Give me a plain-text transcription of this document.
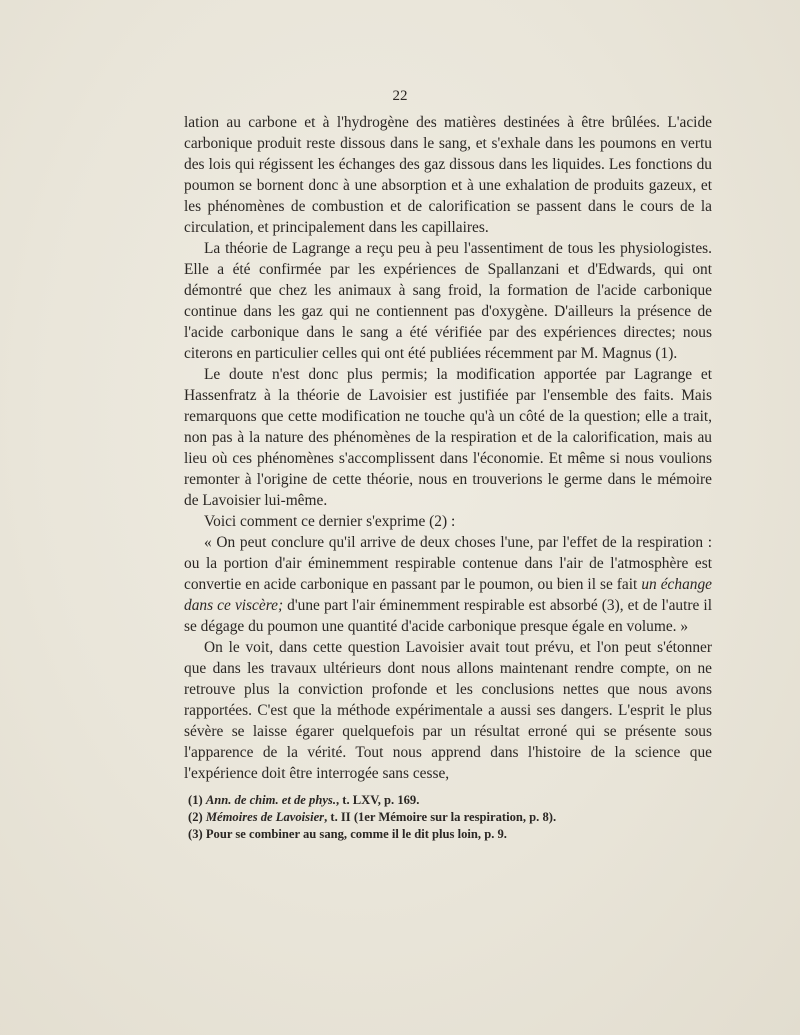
22

lation au carbone et à l'hydrogène des matières destinées à être brûlées. L'acide carbonique produit reste dissous dans le sang, et s'exhale dans les poumons en vertu des lois qui régissent les échanges des gaz dissous dans les liquides. Les fonctions du poumon se bornent donc à une absorption et à une exhalation de produits gazeux, et les phénomènes de combustion et de calorification se passent dans le cours de la circulation, et principalement dans les capillaires.

La théorie de Lagrange a reçu peu à peu l'assentiment de tous les physiologistes. Elle a été confirmée par les expériences de Spallanzani et d'Edwards, qui ont démontré que chez les animaux à sang froid, la formation de l'acide carbonique continue dans les gaz qui ne contiennent pas d'oxygène. D'ailleurs la présence de l'acide carbonique dans le sang a été vérifiée par des expériences directes; nous citerons en particulier celles qui ont été publiées récemment par M. Magnus (1).

Le doute n'est donc plus permis; la modification apportée par Lagrange et Hassenfratz à la théorie de Lavoisier est justifiée par l'ensemble des faits. Mais remarquons que cette modification ne touche qu'à un côté de la question; elle a trait, non pas à la nature des phénomènes de la respiration et de la calorification, mais au lieu où ces phénomènes s'accomplissent dans l'économie. Et même si nous voulions remonter à l'origine de cette théorie, nous en trouverions le germe dans le mémoire de Lavoisier lui-même.

Voici comment ce dernier s'exprime (2) :

« On peut conclure qu'il arrive de deux choses l'une, par l'effet de la respiration : ou la portion d'air éminemment respirable contenue dans l'air de l'atmosphère est convertie en acide carbonique en passant par le poumon, ou bien il se fait un échange dans ce viscère; d'une part l'air éminemment respirable est absorbé (3), et de l'autre il se dégage du poumon une quantité d'acide carbonique presque égale en volume. »

On le voit, dans cette question Lavoisier avait tout prévu, et l'on peut s'étonner que dans les travaux ultérieurs dont nous allons maintenant rendre compte, on ne retrouve plus la conviction profonde et les conclusions nettes que nous avons rapportées. C'est que la méthode expérimentale a aussi ses dangers. L'esprit le plus sévère se laisse égarer quelquefois par un résultat erroné qui se présente sous l'apparence de la vérité. Tout nous apprend dans l'histoire de la science que l'expérience doit être interrogée sans cesse,

(1) Ann. de chim. et de phys., t. LXV, p. 169.
(2) Mémoires de Lavoisier, t. II (1er Mémoire sur la respiration, p. 8).
(3) Pour se combiner au sang, comme il le dit plus loin, p. 9.
